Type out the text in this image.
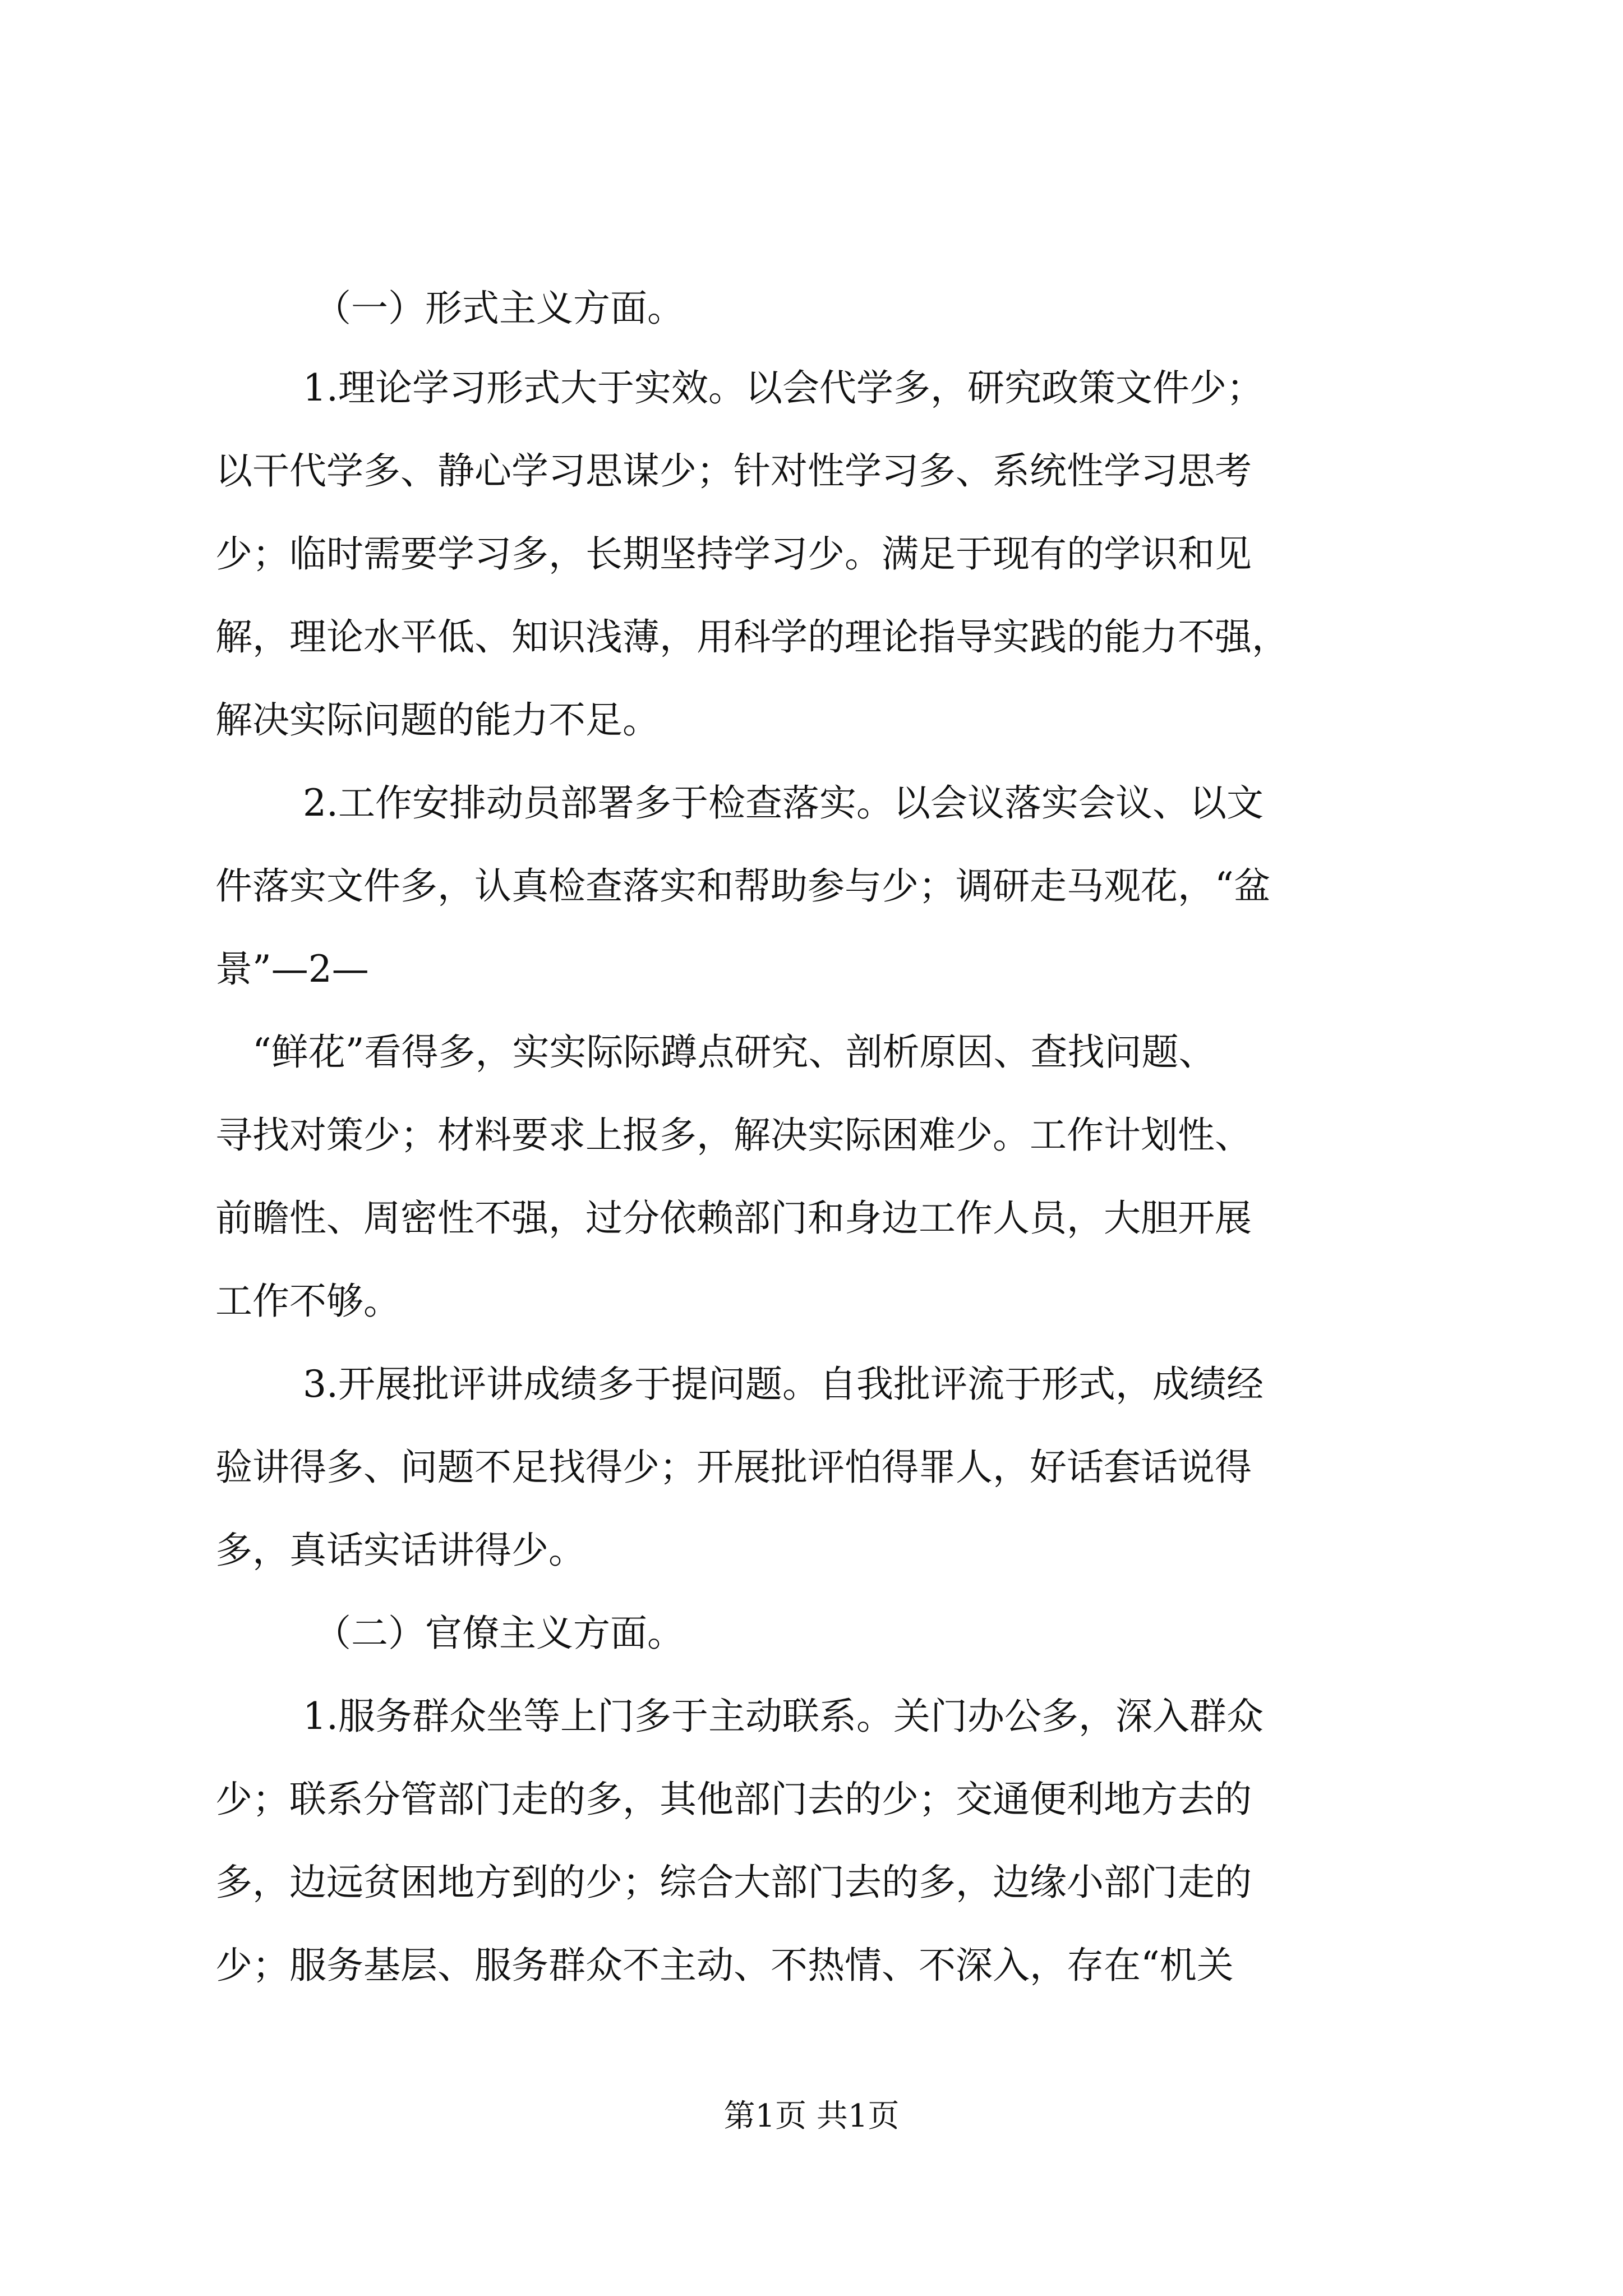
（一）形式主义方面。
1.理论学习形式大于实效。以会代学多，研究政策文件少；
以干代学多、静心学习思谋少；针对性学习多、系统性学习思考
少；临时需要学习多，长期坚持学习少。满足于现有的学识和见
解，理论水平低、知识浅薄，用科学的理论指导实践的能力不强，
解决实际问题的能力不足。
2.工作安排动员部署多于检查落实。以会议落实会议、以文
件落实文件多，认真检查落实和帮助参与少；调研走马观花，“盆
景”—2—
“鲜花”看得多，实实际际蹲点研究、剖析原因、查找问题、
寻找对策少；材料要求上报多，解决实际困难少。工作计划性、
前瞻性、周密性不强，过分依赖部门和身边工作人员，大胆开展
工作不够。
3.开展批评讲成绩多于提问题。自我批评流于形式，成绩经
验讲得多、问题不足找得少；开展批评怕得罪人，好话套话说得
多，真话实话讲得少。
（二）官僚主义方面。
1.服务群众坐等上门多于主动联系。关门办公多，深入群众
少；联系分管部门走的多，其他部门去的少；交通便利地方去的
多，边远贫困地方到的少；综合大部门去的多，边缘小部门走的
少；服务基层、服务群众不主动、不热情、不深入，存在“机关
第1页 共1页
